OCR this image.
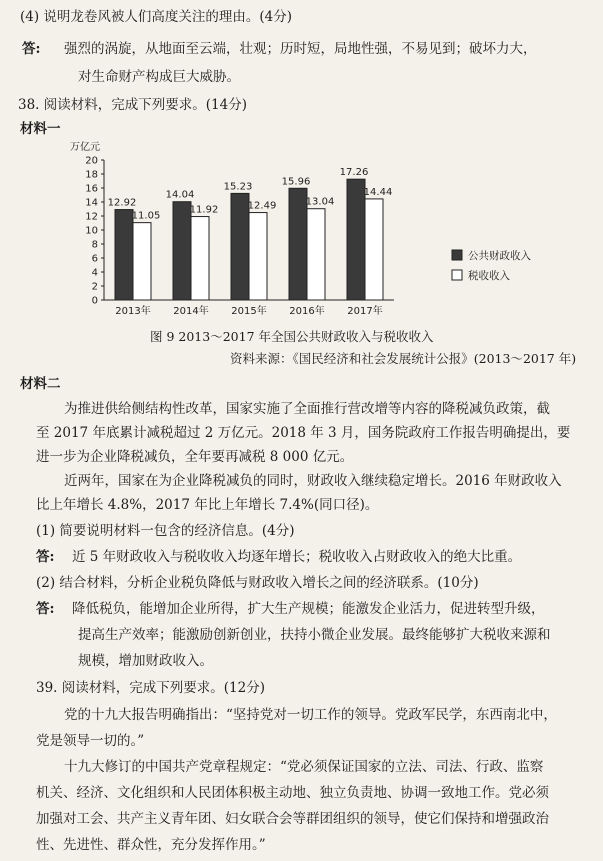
(4) 说明龙卷风被人们高度关注的理由。(4分)
答: 强烈的涡旋，从地面至云端，壮观；历时短，局地性强，不易见到；破坏力大，
对生命财产构成巨大威胁。
38. 阅读材料，完成下列要求。(14分)
材料一
万亿元
0
2
4
6
8
10
12
14
16
18
20
12.92
11.05
2013年
14.04
11.92
2014年
15.23
12.49
2015年
15.96
13.04
2016年
17.26
14.44
2017年
公共财政收入
税收收入
图 9 2013～2017 年全国公共财政收入与税收收入
资料来源：《国民经济和社会发展统计公报》(2013～2017 年)
材料二
为推进供给侧结构性改革，国家实施了全面推行营改增等内容的降税减负政策，截
至 2017 年底累计减税超过 2 万亿元。2018 年 3 月，国务院政府工作报告明确提出，要
进一步为企业降税减负，全年要再减税 8 000 亿元。
近两年，国家在为企业降税减负的同时，财政收入继续稳定增长。2016 年财政收入
比上年增长 4.8%，2017 年比上年增长 7.4%(同口径)。
(1) 简要说明材料一包含的经济信息。(4分)
答: 近 5 年财政收入与税收收入均逐年增长；税收收入占财政收入的绝大比重。
(2) 结合材料，分析企业税负降低与财政收入增长之间的经济联系。(10分)
答: 降低税负，能增加企业所得，扩大生产规模；能激发企业活力，促进转型升级，
提高生产效率；能激励创新创业，扶持小微企业发展。最终能够扩大税收来源和
规模，增加财政收入。
39. 阅读材料，完成下列要求。(12分)
党的十九大报告明确指出：“坚持党对一切工作的领导。党政军民学，东西南北中，
党是领导一切的。”
十九大修订的中国共产党章程规定：“党必须保证国家的立法、司法、行政、监察
机关、经济、文化组织和人民团体积极主动地、独立负责地、协调一致地工作。党必须
加强对工会、共产主义青年团、妇女联合会等群团组织的领导，使它们保持和增强政治
性、先进性、群众性，充分发挥作用。”
